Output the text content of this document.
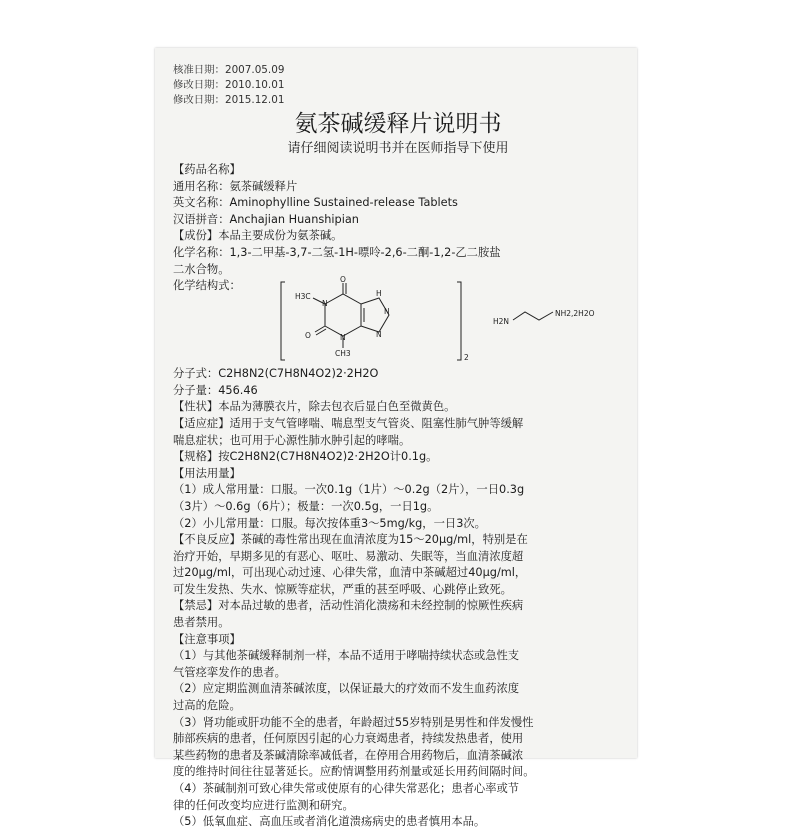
核准日期：2007.05.09
修改日期：2010.10.01
修改日期：2015.12.01
氨茶碱缓释片说明书
请仔细阅读说明书并在医师指导下使用
【药品名称】
通用名称：氨茶碱缓释片
英文名称：Aminophylline Sustained-release Tablets
汉语拼音：Anchajian Huanshipian
【成份】本品主要成份为氨茶碱。
化学名称：1,3-二甲基-3,7-二氢-1H-嘌呤-2,6-二酮-1,2-乙二胺盐
二水合物。
化学结构式：
H3C
O
O
N
N
N
N
H
CH3	2
H2N
NH2,2H2O
分子式：C2H8N2(C7H8N4O2)2·2H2O
分子量：456.46
【性状】本品为薄膜衣片，除去包衣后显白色至微黄色。
【适应症】适用于支气管哮喘、喘息型支气管炎、阻塞性肺气肿等缓解
喘息症状；也可用于心源性肺水肿引起的哮喘。
【规格】按C2H8N2(C7H8N4O2)2·2H2O计0.1g。
【用法用量】
（1）成人常用量：口服。一次0.1g（1片）～0.2g（2片），一日0.3g
（3片）～0.6g（6片）；极量：一次0.5g，一日1g。
（2）小儿常用量：口服。每次按体重3～5mg/kg，一日3次。
【不良反应】茶碱的毒性常出现在血清浓度为15～20μg/ml，特别是在
治疗开始，早期多见的有恶心、呕吐、易激动、失眠等，当血清浓度超
过20μg/ml，可出现心动过速、心律失常，血清中茶碱超过40μg/ml，
可发生发热、失水、惊厥等症状，严重的甚至呼吸、心跳停止致死。
【禁忌】对本品过敏的患者，活动性消化溃疡和未经控制的惊厥性疾病
患者禁用。
【注意事项】
（1）与其他茶碱缓释制剂一样，本品不适用于哮喘持续状态或急性支
气管痉挛发作的患者。
（2）应定期监测血清茶碱浓度，以保证最大的疗效而不发生血药浓度
过高的危险。
（3）肾功能或肝功能不全的患者，年龄超过55岁特别是男性和伴发慢性
肺部疾病的患者，任何原因引起的心力衰竭患者，持续发热患者，使用
某些药物的患者及茶碱清除率减低者，在停用合用药物后，血清茶碱浓
度的维持时间往往显著延长。应酌情调整用药剂量或延长用药间隔时间。
（4）茶碱制剂可致心律失常或使原有的心律失常恶化；患者心率或节
律的任何改变均应进行监测和研究。
（5）低氧血症、高血压或者消化道溃疡病史的患者慎用本品。
